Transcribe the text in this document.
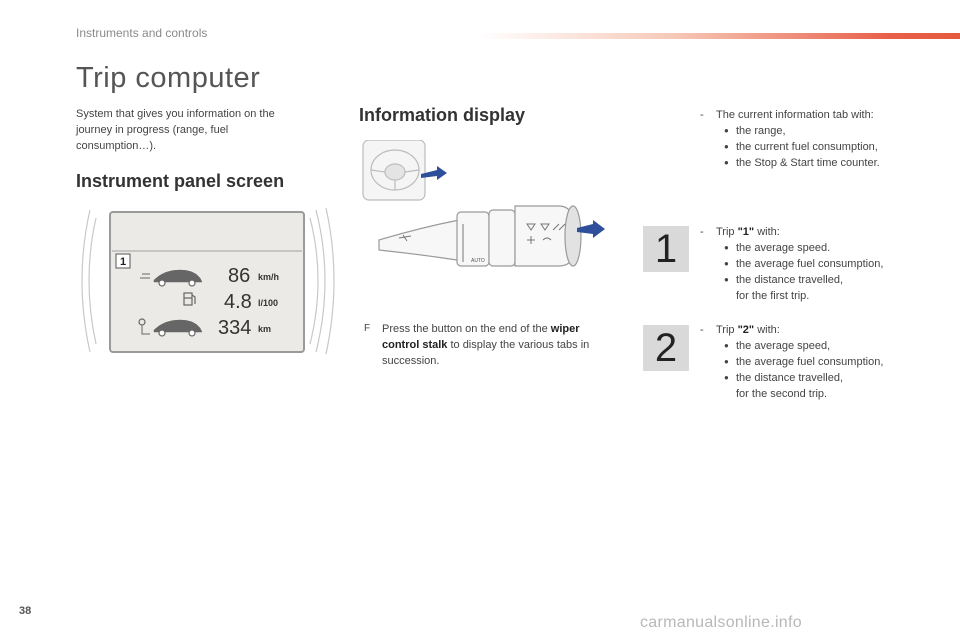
Instruments and controls
Trip computer
System that gives you information on the journey in progress (range, fuel consumption…).
Instrument panel screen
1
86 km/h
4.8 l/100
334 km
Information display
AUTO
F	Press the button on the end of the wiper control stalk to display the various tabs in succession.
1
2
-	The current information tab with:
● the range,
● the current fuel consumption,
● the Stop & Start time counter.
-	Trip "1" with:
● the average speed.
● the average fuel consumption,
● the distance travelled,
for the first trip.
-	Trip "2" with:
● the average speed,
● the average fuel consumption,
● the distance travelled,
for the second trip.
38
carmanualsonline.info
